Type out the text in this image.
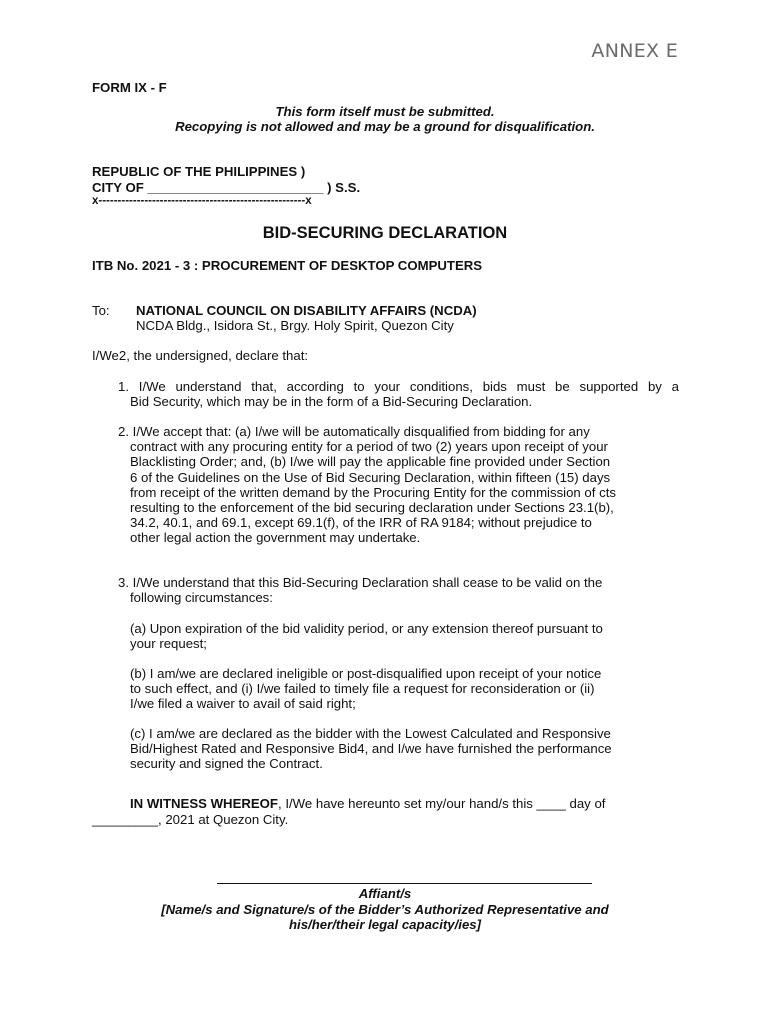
ANNEX E
FORM IX - F
This form itself must be submitted.
Recopying is not allowed and may be a ground for disqualification.
REPUBLIC OF THE PHILIPPINES )
CITY OF ________________________ ) S.S.
x------------------------------------------------------x
BID-SECURING DECLARATION
ITB No. 2021 - 3 : PROCUREMENT OF DESKTOP COMPUTERS
To: NATIONAL COUNCIL ON DISABILITY AFFAIRS (NCDA)
NCDA Bldg., Isidora St., Brgy. Holy Spirit, Quezon City
I/We2, the undersigned, declare that:
1. I/We understand that, according to your conditions, bids must be supported by a
Bid Security, which may be in the form of a Bid-Securing Declaration.
2. I/We accept that: (a) I/we will be automatically disqualified from bidding for any
contract with any procuring entity for a period of two (2) years upon receipt of your
Blacklisting Order; and, (b) I/we will pay the applicable fine provided under Section
6 of the Guidelines on the Use of Bid Securing Declaration, within fifteen (15) days
from receipt of the written demand by the Procuring Entity for the commission of cts
resulting to the enforcement of the bid securing declaration under Sections 23.1(b),
34.2, 40.1, and 69.1, except 69.1(f), of the IRR of RA 9184; without prejudice to
other legal action the government may undertake.
3. I/We understand that this Bid-Securing Declaration shall cease to be valid on the
following circumstances:
(a) Upon expiration of the bid validity period, or any extension thereof pursuant to
your request;
(b) I am/we are declared ineligible or post-disqualified upon receipt of your notice
to such effect, and (i) I/we failed to timely file a request for reconsideration or (ii)
I/we filed a waiver to avail of said right;
(c) I am/we are declared as the bidder with the Lowest Calculated and Responsive
Bid/Highest Rated and Responsive Bid4, and I/we have furnished the performance
security and signed the Contract.
IN WITNESS WHEREOF, I/We have hereunto set my/our hand/s this ____ day of
_________, 2021 at Quezon City.
Affiant/s
[Name/s and Signature/s of the Bidder’s Authorized Representative and
his/her/their legal capacity/ies]
